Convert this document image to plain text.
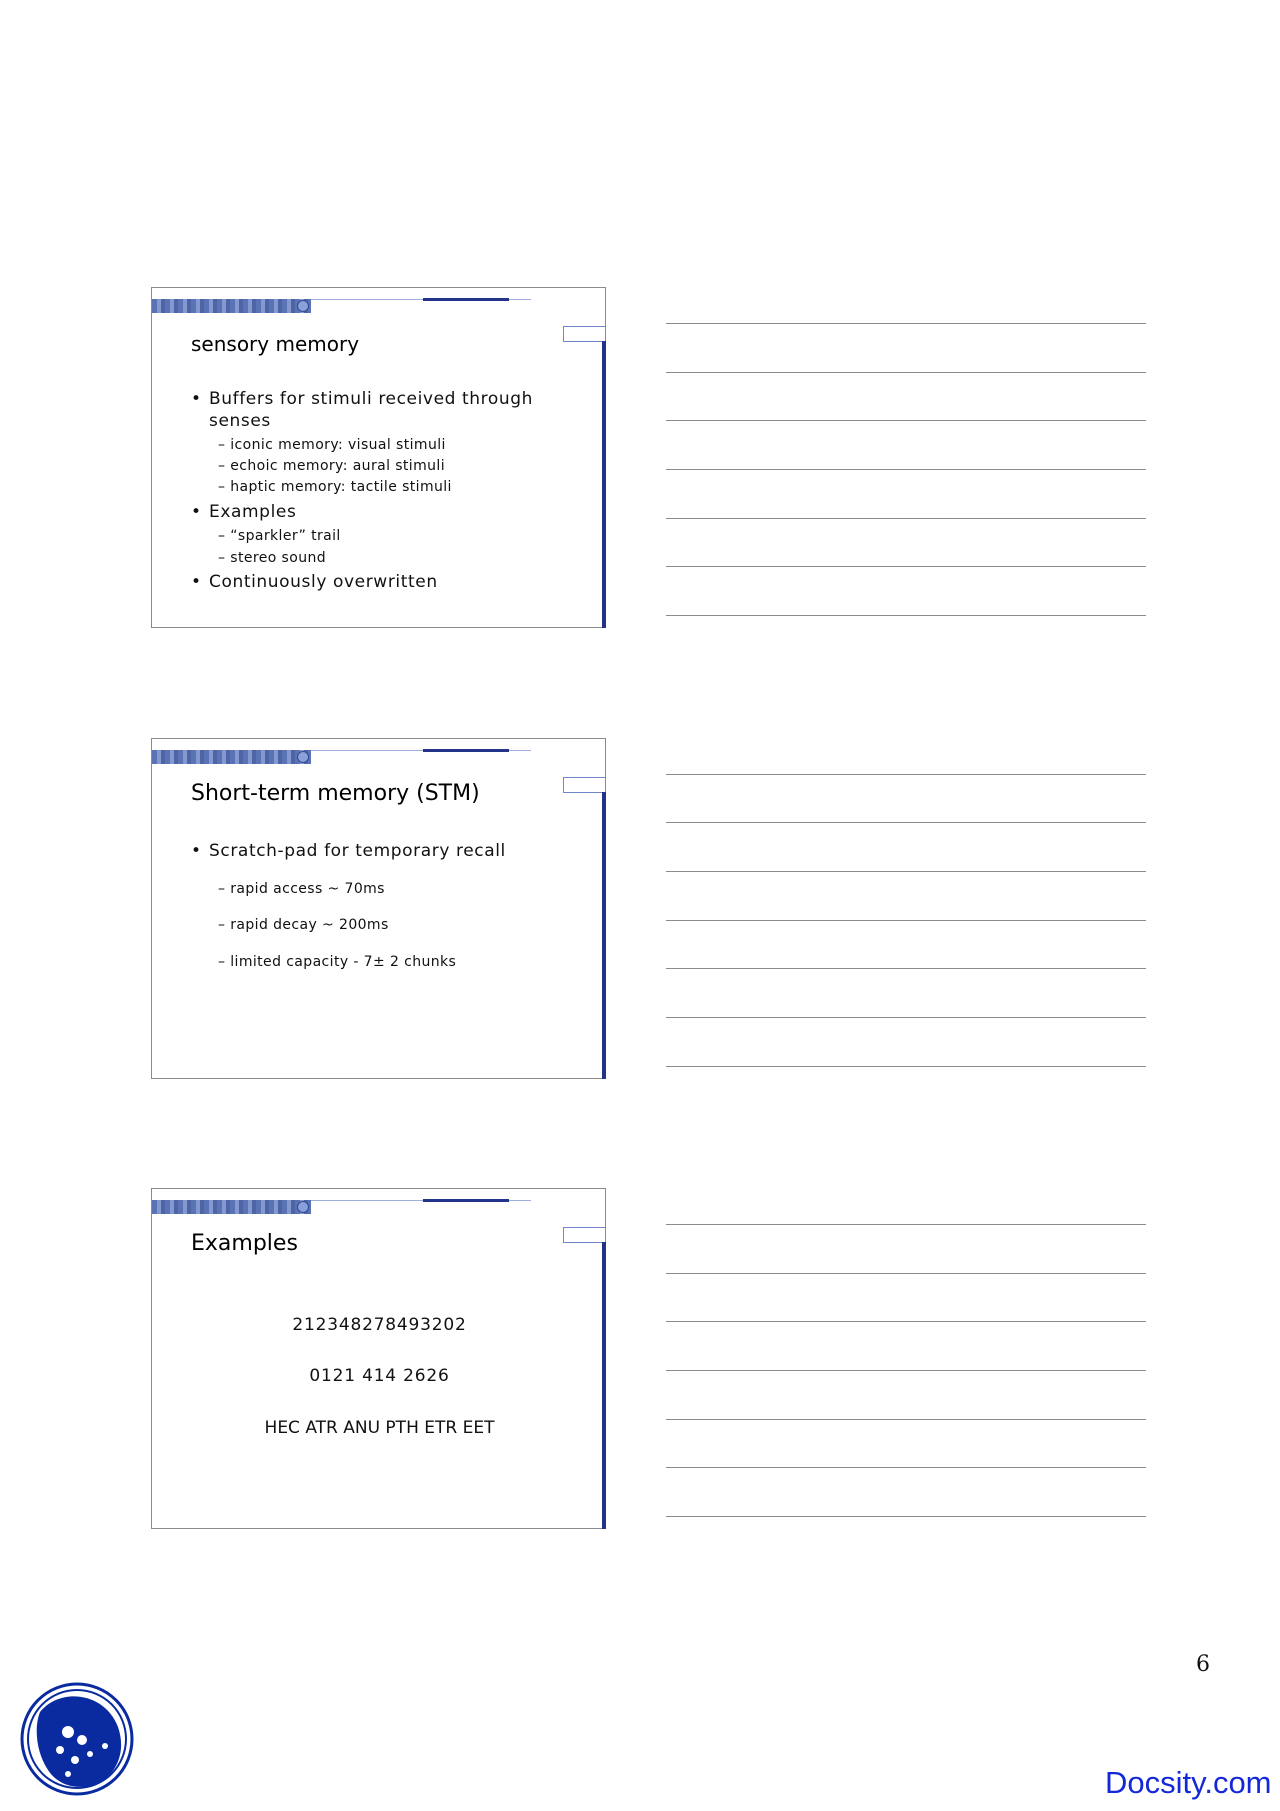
sensory memory
• Buffers for stimuli received through
senses
– iconic memory: visual stimuli
– echoic memory: aural stimuli
– haptic memory: tactile stimuli
• Examples
– “sparkler” trail
– stereo sound
• Continuously overwritten
Short-term memory (STM)
• Scratch-pad for temporary recall
– rapid access ~ 70ms
– rapid decay ~ 200ms
– limited capacity - 7± 2 chunks
Examples
212348278493202
0121 414 2626
HEC ATR ANU PTH ETR EET
6
Docsity.com
